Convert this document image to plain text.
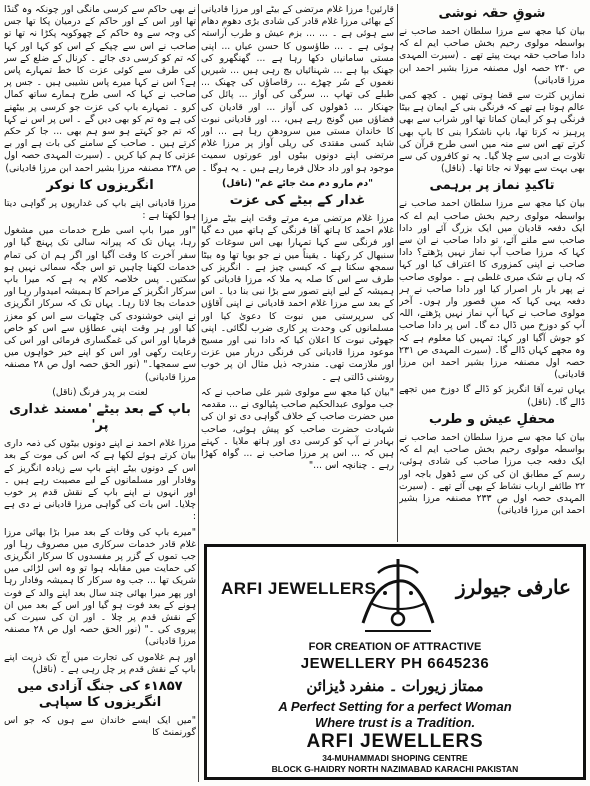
شوقِ حقہ نوشی

بیان کیا مجھ سے مرزا سلطان احمد صاحب نے بواسطہ مولوی رحیم بخش صاحب ایم اے کہ دادا صاحب حقہ بہت پیتے تھے ۔ (سیرت المہدی ص ۲۳۰ حصہ اول مصنفہ مرزا بشیر احمد ابن مرزا قادیانی)

نمازیں کثرت سے قضا ہوتی تھیں ۔ کچھ کمی عالم ہوتا ہے تھے کہ فرنگی بنی کے ایمان ہے بیٹا فرنگی ہو کر ایمان کماتا تھا اور شراب سے بھی پرہیز نہ کرتا تھا، باپ ناشکرا بنی کا باپ بھی کرتے تھے اس سے منہ میں اسی طرح قرآن کی تلاوت بے ادبی سے چلا گیا۔ یہ تو کافروں کی سے بھی بہت سے بھولا نہ جاتا تھا۔ (ناقل)

تاکیدِ نماز پر برہمی

بیان کیا مجھ سے مرزا سلطان احمد صاحب نے بواسطہ مولوی رحیم بخش صاحب ایم اے کہ ایک دفعہ قادیان میں ایک بزرگ آئے اور دادا صاحب سے ملنے آئے، تو دادا صاحب نے ان سے کہا کہ مرزا صاحب آپ نماز نہیں پڑھتے؟ دادا صاحب نے اپنی کمزوری کا اعتراف کیا اور کہا کہ ہاں بے شک میری غلطی ہے ۔ مولوی صاحب نے پھر بار بار اصرار کیا اور دادا صاحب نے ہر دفعہ یہی کہا کہ میں قصور وار ہوں۔ آخر مولوی صاحب نے کہا آپ نماز نہیں پڑھتے، اللہ آپ کو دوزخ میں ڈال دے گا۔ اس پر دادا صاحب کو جوش آگیا اور کہا: تمہیں کیا معلوم ہے کہ وہ مجھے کہاں ڈالے گا۔ (سیرت المہدی ص ۲۳۱ حصہ اول مصنفہ مرزا بشیر احمد ابن مرزا قادیانی)

یہاں تیرے آقا انگریز کو ڈالے گا دوزخ میں تجھے ڈالے گا۔ (ناقل)

محفلِ عیش و طرب

بیان کیا مجھ سے مرزا سلطان احمد صاحب نے بواسطہ مولوی رحیم بخش صاحب ایم اے کہ ایک دفعہ جب مرزا صاحب کی شادی ہوئی، رسم کے مطابق ان کی کن سے ڈھول باجہ اور ۲۲ طائفے ارباب نشاط کے بھی آئے تھے ۔ (سیرت المہدی حصہ اول ص ۲۳۳ مصنفہ مرزا بشیر احمد ابن مرزا قادیانی)

قارئین! مرزا غلام مرتضی کے بیٹے اور مرزا قادیانی کے بھائی مرزا غلام قادر کی شادی بڑی دھوم دھام سے ہوئی ہے ۔ ... ... بزم عیش و طرب آراستہ ہوئی ہے ۔ ... طاؤسوں کا حسن عیاں ... اپنی مستی سامانیاں دکھا رہا ہے ... گھنگھرو کی جھنک بپا ہے ... شہنائیاں بج رہی ہیں ... شیریں نغموں کے سُر چھڑے ... رقاصاؤں کی چھنک ... طبلے کی تھاپ ... سرگی کی آواز ... پائل کی جھنکار ... ڈھولوں کی آواز ... اور قادیان کی فضاؤں میں گونج رہے ہیں، ... اور قادیانی نبوت کا خاندان مستی میں سرودھن رہا ہے ... اور شاید کسی مقتدی کی ریلی آواز پر مرزا غلام مرتضی اپنے دونوں بیٹوں اور عورتوں سمیت موجود ہو اور داد حلال فرما رہے ہیں ۔ یہ ہوگا ۔

"دم مارو دم مٹ جائے غم" (ناقل)

غدار کے بیٹے کی عزت

مرزا غلام مرتضی مرے مرتے وقت اپنے بیٹے مرزا غلام احمد کا ہاتھ آقا فرنگی کے ہاتھ میں دے گیا اور فرنگی سے کہا تمہارا بھی اس سوغات کو سنبھال کر رکھنا ۔ یقیناً میں نے جو بویا تھا وہ بیٹا سمجھ سکتا ہے کہ کیسی چیز ہے ۔ انگریز کی طرف سے اس کا صلہ یہ ملا کہ مرزا قادیانی کو ہمیشہ کے لیے اپنے تصور سے بڑا نبی بنا دیا ۔ اس کے بعد سے مرزا غلام احمد قادیانی نے اپنی آقاؤں کی سرپرستی میں نبوت کا دعویٰ کیا اور مسلمانوں کی وحدت پر کاری ضرب لگائی۔ اپنی جھوٹی نبوت کا اعلان کیا کہ دادا نبی اور مسیح موعود مرزا قادیانی کی فرنگی دربار میں عزت اور ملازمت تھی۔ مندرجہ ذیل مثال ان پر خوب روشنی ڈالتی ہے ۔

"بیان کیا مجھ سے مولوی شیر علی صاحب نے کہ جب مولوی عبدالحکیم صاحب پٹیالوی نے ... مقدمہ میں حضرت صاحب کے خلاف گواہی دی تو ان کی شہادت حضرت صاحب کو پیش ہوئی، صاحب بہادر نے آپ کو کرسی دی اور ہاتھ ملایا ۔ کہتے ہیں کہ ... اس پر مرزا صاحب نے ... گواہ کھڑا رہے ۔ چنانچہ اس ..."

نے بھی حاکم سے کرسی مانگی اور چونکہ وہ گنڈا تھا اور اس کے اور حاکم کے درمیان پکا تھا جس کی وجہ سے وہ حاکم کے چھوکوبہ پکڑا نہ تھا تو صاحب نے اس سے چپکے کے اس کو کہا اور کہا کہ تم کو کرسی دی جائے ۔ کرنال کے ضلع کے سر کی طرف سے کوئی عزت کا خط تمہارے پاس ہے؟ اس نے کہا میرے پاس نشیبی ہیں ۔ جس پر صاحب نے کہا کہ اسی طرح ہمارے ساتھ کمال کرو ۔ تمہارے باپ کی عزت جو کرسی پر بیٹھنے کی ہے وہ تم کو بھی دیں گے ۔ اس پر اس نے کہا کہ تم جو کہتے ہو سو ہم بھی ... جا کر حکم کرتے ہیں ۔ صاحب کے سامنے کی بات ہے اور بے عزتی کا ہم کیا کریں ۔ (سیرت المہدی حصہ اول ص ۲۳۸ مصنفہ مرزا بشیر احمد ابن مرزا قادیانی)

انگریزوں کا نوکر

مرزا قادیانی اپنے باپ کی غداریوں پر گواہی دیتا ہوا لکھتا ہے :

"اور میرا باپ اسی طرح خدمات میں مشغول رہا، یہاں تک کہ پیرانہ سالی تک پہنچ گیا اور سفر آخرت کا وقت آگیا اور اگر ہم ان کی تمام خدمات لکھنا چاہیں تو اس جگہ سمائی نہیں ہو سکتیں۔ پس خلاصہ کلام یہ ہے کہ میرا باپ سرکار انگریز کے مراحم کا ہمیشہ امیدوار رہا اور خدمات بجا لاتا رہا۔ یہاں تک کہ سرکار انگریزی نے اپنی خوشنودی کی چٹھیات سے اس کو معزز کیا اور ہر وقت اپنی عطاؤں سے اس کو خاص فرمایا اور اس کی غمگساری فرمائی اور اس کی رعایت رکھی اور اس کو اپنے خیر خواہوں میں سے سمجھا۔" (نور الحق حصہ اول ص ۲۸ مصنفہ مرزا قادیانی)

لعنت بر پدر فرنگ (ناقل)

باپ کے بعد بیٹے 'مسند غداری پر'

مرزا غلام احمد نے اپنے دونوں بیٹوں کی ذمہ داری بیان کرتے ہوئے لکھا ہے کہ اس کی موت کے بعد اس کے دونوں بیٹے اپنے باپ سے زیادہ انگریز کے وفادار اور مسلمانوں کے لیے مصیبت رہے ہیں ۔ اور انہوں نے اپنے باپ کے نقش قدم پر خوب چلایا۔ اس بات کی گواہی مرزا قادیانی نے دی ہے :

"میرے باپ کی وفات کے بعد میرا بڑا بھائی مرزا غلام قادر خدمات سرکاری میں مصروف رہا اور جب تموں کے گزر پر مفسدوں کا سرکار انگریزی کی حمایت میں مقابلہ ہوا تو وہ اس لڑائی میں شریک تھا ... جب وہ سرکار کا ہمیشہ وفادار رہا اور پھر میرا بھائی چند سال بعد اپنے والد کے فوت ہونے کے بعد فوت ہو گیا اور اس کے بعد میں ان کے نقش قدم پر چلا ۔ اور ان کی سیرت کی پیروی کی ۔" (نور الحق حصہ اول ص ۲۸ مصنفہ مرزا قادیانی)

اور ہم غلاموں کی تجارت میں آج تک ذریت اپنے باپ کے نقش قدم پر چل رہی ہے ۔ (ناقل)

۱۸۵۷ء کی جنگ آزادی میں انگریزوں کا سپاہی

"میں ایک ایسے خاندان سے ہوں کہ جو اس گورنمنٹ کا

ARFI JEWELLERS	عارفی جیولرز
FOR CREATION OF ATTRACTIVE
JEWELLERY PH 6645236
ممتاز زیورات ۔ منفرد ڈیزائن
A Perfect Setting for a perfect Woman
Where trust is a Tradition.
ARFI JEWELLERS
34-MUHAMMADI SHOPING CENTRE
BLOCK G-HAIDRY NORTH NAZIMABAD KARACHI PAKISTAN
